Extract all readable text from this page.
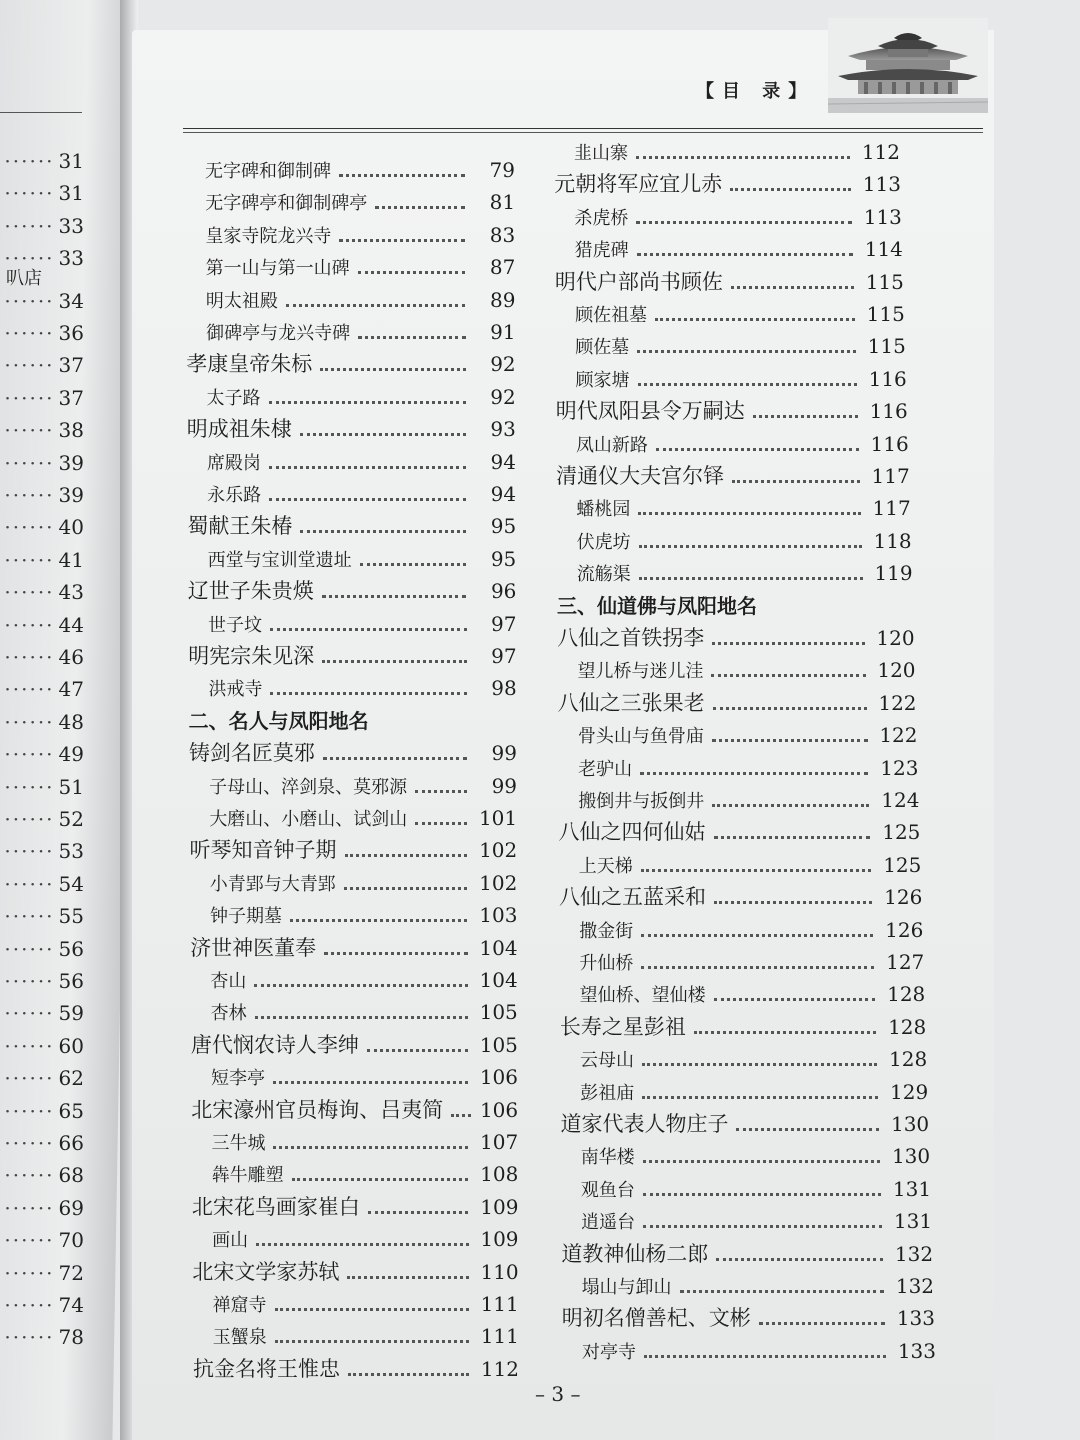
······ 31
······ 31
······ 33
······ 33
······ 34
······ 36
······ 37
······ 37
······ 38
······ 39
······ 39
······ 40
······ 41
······ 43
······ 44
······ 46
······ 47
······ 48
······ 49
······ 51
······ 52
······ 53
······ 54
······ 55
······ 56
······ 56
······ 59
······ 60
······ 62
······ 65
······ 66
······ 68
······ 69
······ 70
······ 72
······ 74
······ 78
叭店
【目 录】
无字碑和御制碑	79
无字碑亭和御制碑亭	81
皇家寺院龙兴寺	83
第一山与第一山碑	87
明太祖殿	89
御碑亭与龙兴寺碑	91
孝康皇帝朱标	92
太子路	92
明成祖朱棣	93
席殿岗	94
永乐路	94
蜀献王朱椿	95
西堂与宝训堂遗址	95
辽世子朱贵煐	96
世子坟	97
明宪宗朱见深	97
洪戒寺	98
二、名人与凤阳地名
铸剑名匠莫邪	99
子母山、淬剑泉、莫邪源	99
大磨山、小磨山、试剑山	101
听琴知音钟子期	102
小青郢与大青郢	102
钟子期墓	103
济世神医董奉	104
杏山	104
杏林	105
唐代悯农诗人李绅	105
短李亭	106
北宋濠州官员梅询、吕夷简 106
三牛城	107
犇牛雕塑	108
北宋花鸟画家崔白	109
画山	109
北宋文学家苏轼	110
禅窟寺	111
玉蟹泉	111
抗金名将王惟忠	112
韭山寨	112
元朝将军应宜儿赤	113
杀虎桥	113
猎虎碑	114
明代户部尚书顾佐	115
顾佐祖墓	115
顾佐墓	115
顾家塘	116
明代凤阳县令万嗣达	116
凤山新路	116
清通仪大夫宫尔铎	117
蟠桃园	117
伏虎坊	118
流觞渠	119
三、仙道佛与凤阳地名
八仙之首铁拐李	120
望儿桥与迷儿洼	120
八仙之三张果老	122
骨头山与鱼骨庙	122
老驴山	123
搬倒井与扳倒井	124
八仙之四何仙姑	125
上天梯	125
八仙之五蓝采和	126
撒金街	126
升仙桥	127
望仙桥、望仙楼	128
长寿之星彭祖	128
云母山	128
彭祖庙	129
道家代表人物庄子	130
南华楼	130
观鱼台	131
逍遥台	131
道教神仙杨二郎	132
塌山与卸山	132
明初名僧善杞、文彬	133
对亭寺	133
– 3 –
